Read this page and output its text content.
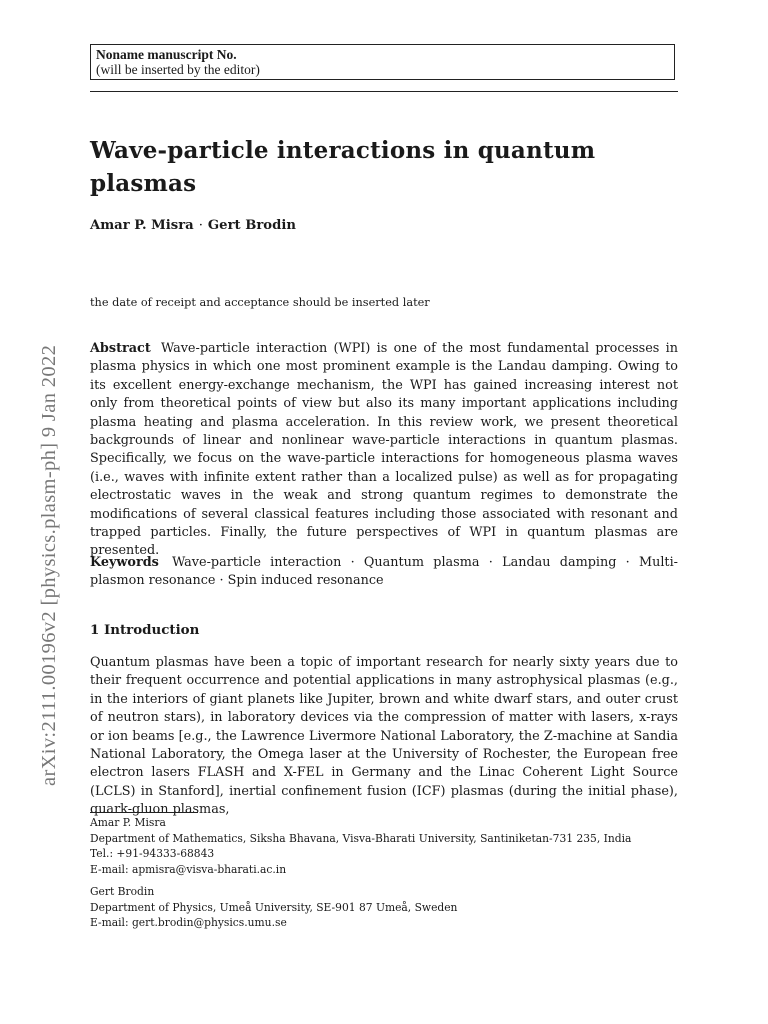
arXiv:2111.00196v2 [physics.plasm-ph] 9 Jan 2022
Noname manuscript No.
(will be inserted by the editor)
Wave-particle interactions in quantum plasmas
Amar P. Misra · Gert Brodin
the date of receipt and acceptance should be inserted later

Abstract Wave-particle interaction (WPI) is one of the most fundamental processes in plasma physics in which one most prominent example is the Landau damping. Owing to its excellent energy-exchange mechanism, the WPI has gained increasing interest not only from theoretical points of view but also its many important applications including plasma heating and plasma acceleration. In this review work, we present theoretical backgrounds of linear and nonlinear wave-particle interactions in quantum plasmas. Specifically, we focus on the wave-particle interactions for homogeneous plasma waves (i.e., waves with infinite extent rather than a localized pulse) as well as for propagating electrostatic waves in the weak and strong quantum regimes to demonstrate the modifications of several classical features including those associated with resonant and trapped particles. Finally, the future perspectives of WPI in quantum plasmas are presented.

Keywords Wave-particle interaction · Quantum plasma · Landau damping · Multi-plasmon resonance · Spin induced resonance

1 Introduction

Quantum plasmas have been a topic of important research for nearly sixty years due to their frequent occurrence and potential applications in many astrophysical plasmas (e.g., in the interiors of giant planets like Jupiter, brown and white dwarf stars, and outer crust of neutron stars), in laboratory devices via the compression of matter with lasers, x-rays or ion beams [e.g., the Lawrence Livermore National Laboratory, the Z-machine at Sandia National Laboratory, the Omega laser at the University of Rochester, the European free electron lasers FLASH and X-FEL in Germany and the Linac Coherent Light Source (LCLS) in Stanford], inertial confinement fusion (ICF) plasmas (during the initial phase), quark-gluon plasmas,

Amar P. Misra
Department of Mathematics, Siksha Bhavana, Visva-Bharati University, Santiniketan-731 235, India
Tel.: +91-94333-68843
E-mail: apmisra@visva-bharati.ac.in
Gert Brodin
Department of Physics, Umeå University, SE-901 87 Umeå, Sweden
E-mail: gert.brodin@physics.umu.se
